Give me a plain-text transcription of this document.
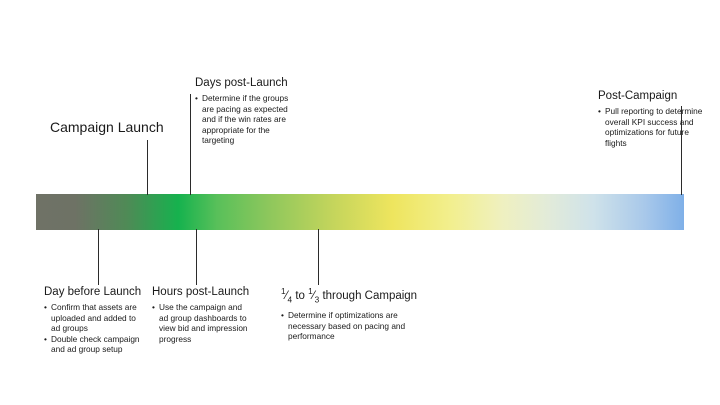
Campaign Launch

Days post-Launch

• Determine if the groups are pacing as expected and if the win rates are appropriate for the targeting

Post-Campaign

• Pull reporting to determine overall KPI success and optimizations for future flights

Day before Launch

• Confirm that assets are uploaded and added to ad groups
• Double check campaign and ad group setup

Hours post-Launch

• Use the campaign and ad group dashboards to view bid and impression progress

$^1⁄_4$ to $^1⁄_3$ through Campaign

• Determine if optimizations are necessary based on pacing and performance
